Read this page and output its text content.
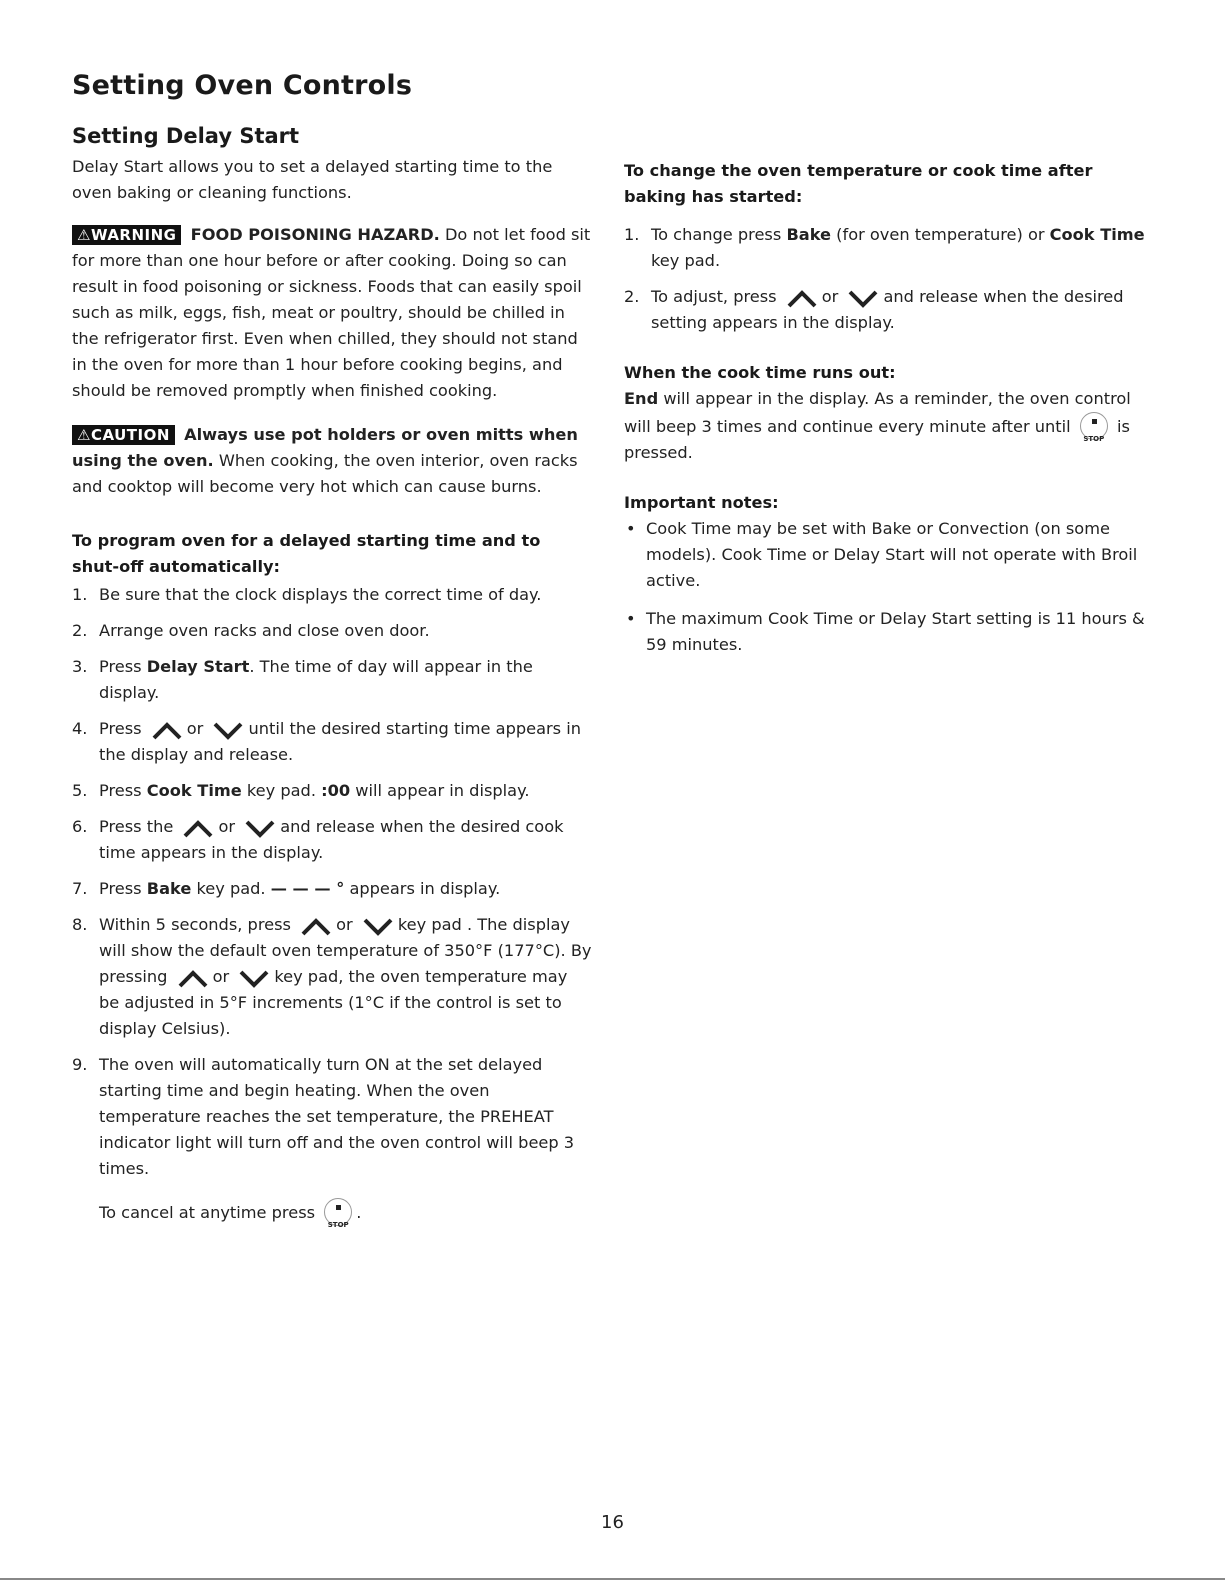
Setting Oven Controls
Setting Delay Start

Delay Start allows you to set a delayed starting time to the oven baking or cleaning functions.

⚠WARNING FOOD POISONING HAZARD. Do not let food sit for more than one hour before or after cooking. Doing so can result in food poisoning or sickness. Foods that can easily spoil such as milk, eggs, fish, meat or poultry, should be chilled in the refrigerator first. Even when chilled, they should not stand in the oven for more than 1 hour before cooking begins, and should be removed promptly when finished cooking.

⚠CAUTION Always use pot holders or oven mitts when using the oven. When cooking, the oven interior, oven racks and cooktop will become very hot which can cause burns.

To program oven for a delayed starting time and to shut-off automatically:
1. Be sure that the clock displays the correct time of day.
2. Arrange oven racks and close oven door.
3. Press Delay Start. The time of day will appear in the display.
4. Press	or	until the desired starting time appears in the display and release.
5. Press Cook Time key pad. :00 will appear in display.
6. Press the	or	and release when the desired cook time appears in the display.
7. Press Bake key pad. — — — ° appears in display.
8. Within 5 seconds, press	or	key pad . The display will show the default oven temperature of 350°F (177°C). By pressing	or	key pad, the oven temperature may be adjusted in 5°F increments (1°C if the control is set to display Celsius).
9. The oven will automatically turn ON at the set delayed starting time and begin heating. When the oven temperature reaches the set temperature, the PREHEAT indicator light will turn off and the oven control will beep 3 times.

To cancel at anytime press
STOP
.

To change the oven temperature or cook time after baking has started:
1. To change press Bake (for oven temperature) or Cook Time key pad.
2. To adjust, press	or	and release when the desired setting appears in the display.
When the cook time runs out:

End will appear in the display. As a reminder, the oven control will beep 3 times and continue every minute after until
STOP
is pressed.

Important notes:
• Cook Time may be set with Bake or Convection (on some models). Cook Time or Delay Start will not operate with Broil active.
• The maximum Cook Time or Delay Start setting is 11 hours & 59 minutes.
16
